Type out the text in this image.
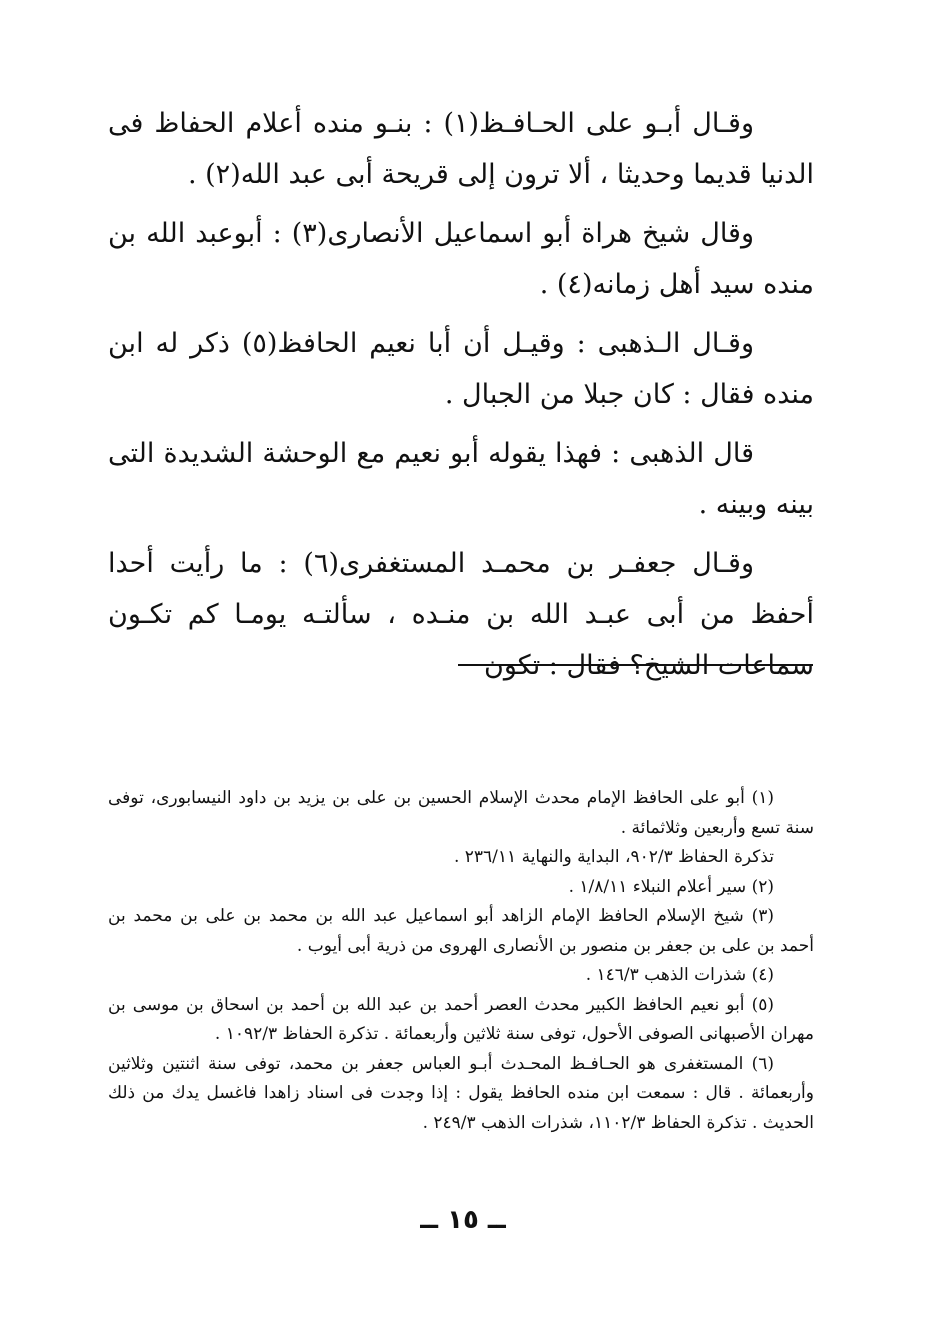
وقـال أبـو على الحـافـظ(١) : بنـو منده أعلام الحفاظ فى الدنيا قديما وحديثا ، ألا ترون إلى قريحة أبى عبد الله(٢) .

وقال شيخ هراة أبو اسماعيل الأنصارى(٣) : أبوعبد الله بن منده سيد أهل زمانه(٤) .

وقـال الـذهبى : وقيـل أن أبا نعيم الحافظ(٥) ذكر له ابن منده فقال : كان جبلا من الجبال .

قال الذهبى : فهذا يقوله أبو نعيم مع الوحشة الشديدة التى بينه وبينه .

وقـال جعفـر بن محمـد المستغفرى(٦) : ما رأيت أحدا أحفظ من أبى عبـد الله بن منـده ، سألتـه يومـا كم تكـون سماعات الشيخ؟ فقال : تكون

(١) أبو على الحافظ الإمام محدث الإسلام الحسين بن على بن يزيد بن داود النيسابورى، توفى سنة تسع وأربعين وثلاثمائة .

تذكرة الحفاظ ٩٠٢/٣، البداية والنهاية ٢٣٦/١١ .

(٢) سير أعلام النبلاء ١/٨/١١ .

(٣) شيخ الإسلام الحافظ الإمام الزاهد أبو اسماعيل عبد الله بن محمد بن على بن محمد بن أحمد بن على بن جعفر بن منصور بن الأنصارى الهروى من ذرية أبى أيوب .

(٤) شذرات الذهب ١٤٦/٣ .

(٥) أبو نعيم الحافظ الكبير محدث العصر أحمد بن عبد الله بن أحمد بن اسحاق بن موسى بن مهران الأصبهانى الصوفى الأحول، توفى سنة ثلاثين وأربعمائة . تذكرة الحفاظ ١٠٩٢/٣ .

(٦) المستغفرى هو الحـافـظ المحـدث أبـو العباس جعفر بن محمد، توفى سنة اثنتين وثلاثين وأربعمائة . قال : سمعت ابن منده الحافظ يقول : إذا وجدت فى اسناد زاهدا فاغسل يدك من ذلك الحديث . تذكرة الحفاظ ١١٠٢/٣، شذرات الذهب ٢٤٩/٣ .

ــ ١٥ ــ
